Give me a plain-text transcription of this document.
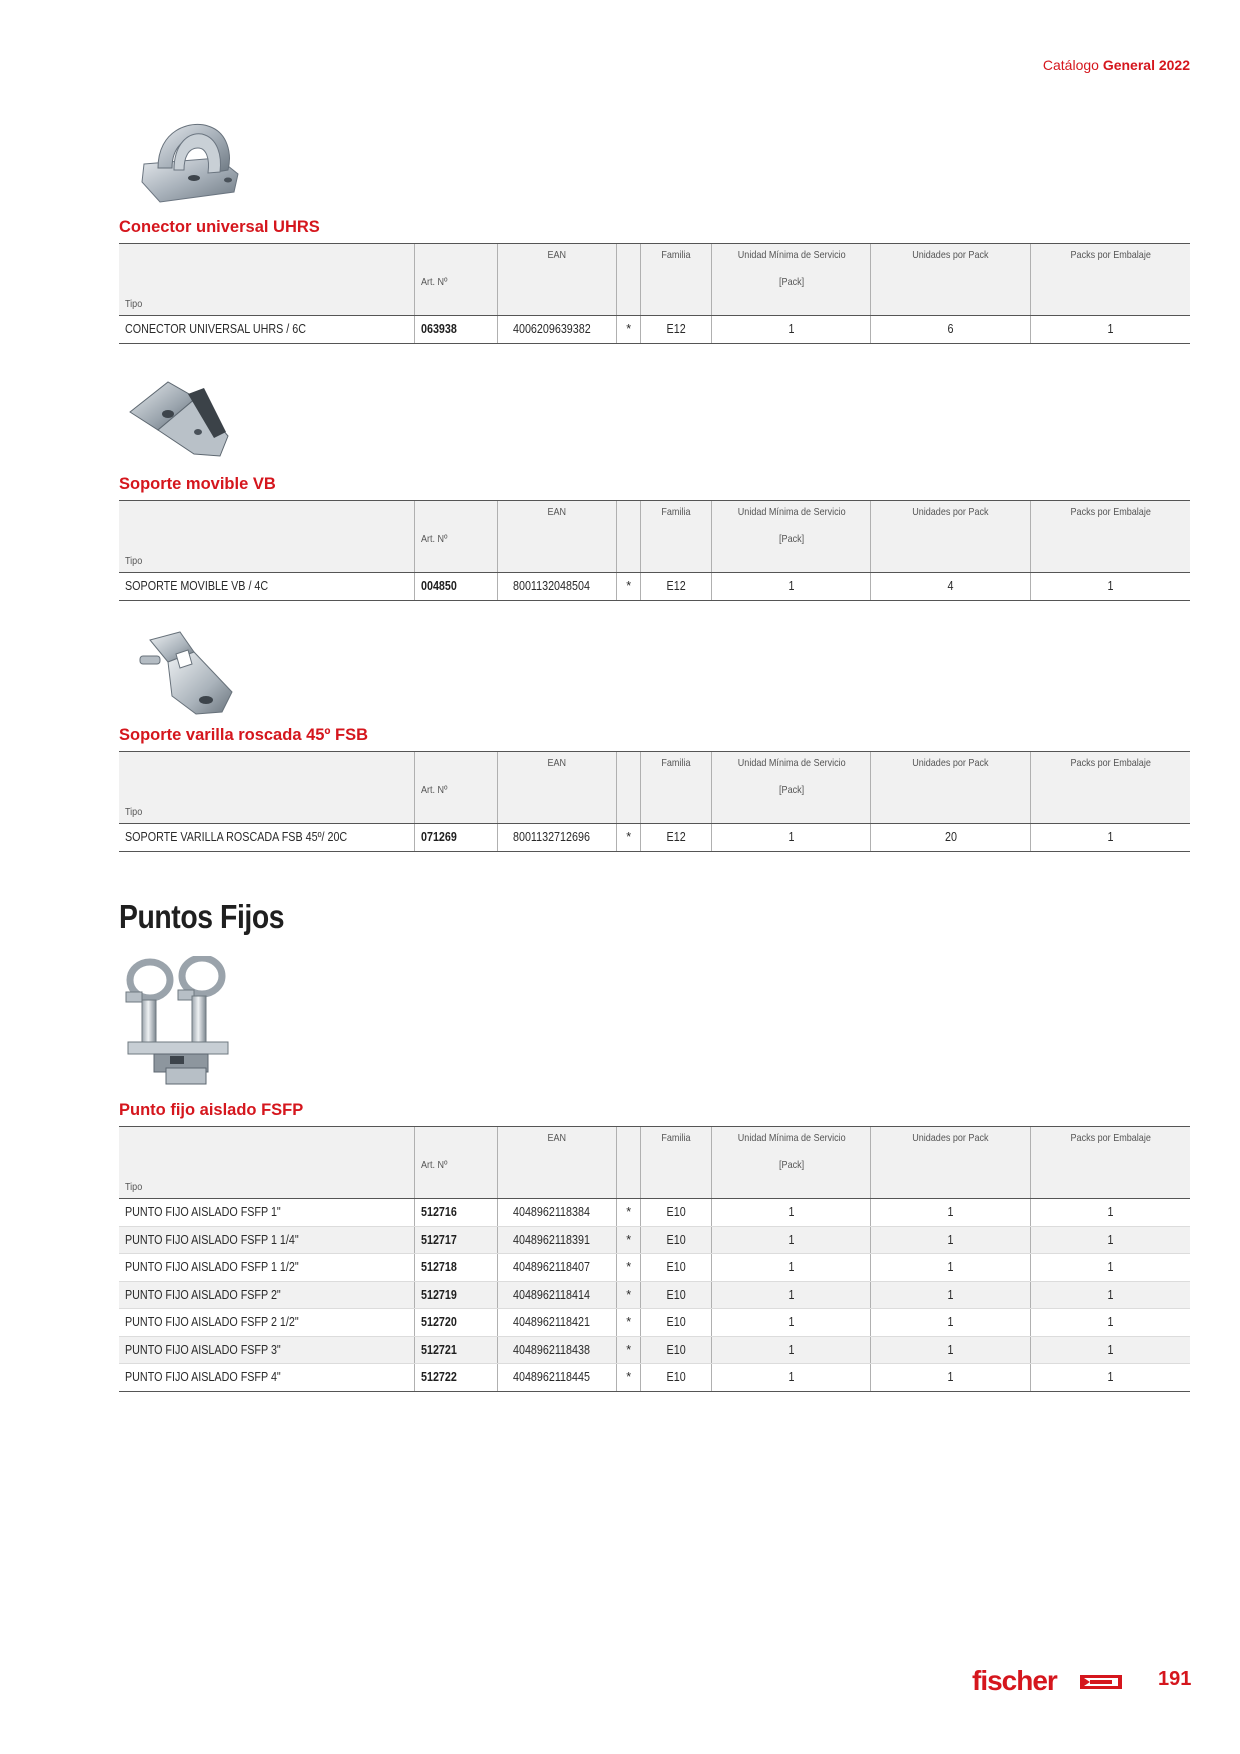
Catálogo General 2022
Conector universal UHRS
		EAN		Familia	Unidad Mínima de Servicio	Unidades por Pack	Packs por Embalaje
	Art. Nº				[Pack]		
Tipo							
CONECTOR UNIVERSAL UHRS / 6C	063938	4006209639382	*	E12	1	6	1
Soporte movible VB
		EAN		Familia	Unidad Mínima de Servicio	Unidades por Pack	Packs por Embalaje
	Art. Nº				[Pack]		
Tipo							
SOPORTE MOVIBLE VB / 4C	004850	8001132048504	*	E12	1	4	1
Soporte varilla roscada 45º FSB
		EAN		Familia	Unidad Mínima de Servicio	Unidades por Pack	Packs por Embalaje
	Art. Nº				[Pack]		
Tipo							
SOPORTE VARILLA ROSCADA FSB 45º/ 20C	071269	8001132712696	*	E12	1	20	1
Puntos Fijos
Punto fijo aislado FSFP
		EAN		Familia	Unidad Mínima de Servicio	Unidades por Pack	Packs por Embalaje
	Art. Nº				[Pack]		
Tipo							
PUNTO FIJO AISLADO FSFP 1"	512716	4048962118384	*	E10	1	1	1
PUNTO FIJO AISLADO FSFP 1 1/4"	512717	4048962118391	*	E10	1	1	1
PUNTO FIJO AISLADO FSFP 1 1/2"	512718	4048962118407	*	E10	1	1	1
PUNTO FIJO AISLADO FSFP 2"	512719	4048962118414	*	E10	1	1	1
PUNTO FIJO AISLADO FSFP 2 1/2"	512720	4048962118421	*	E10	1	1	1
PUNTO FIJO AISLADO FSFP 3"	512721	4048962118438	*	E10	1	1	1
PUNTO FIJO AISLADO FSFP 4"	512722	4048962118445	*	E10	1	1	1
fischer	191
